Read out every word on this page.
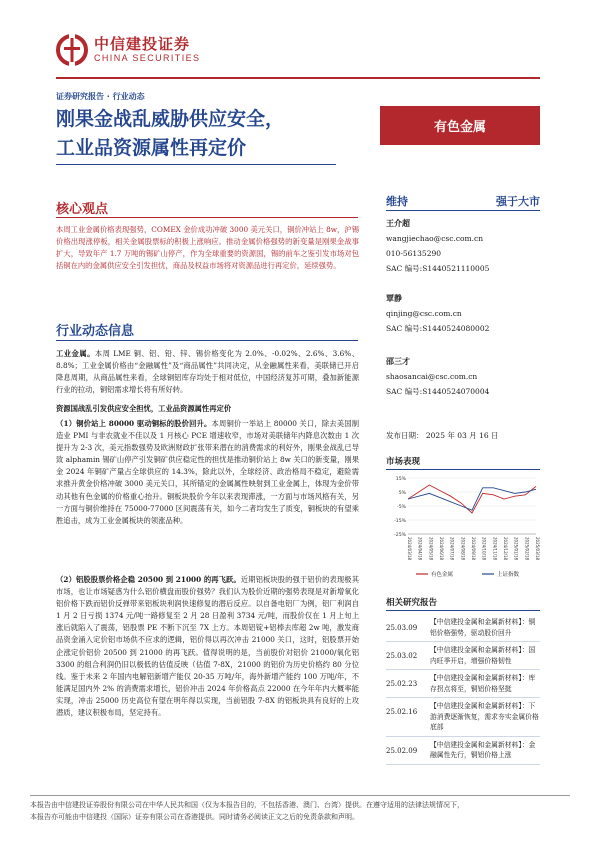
中信建投证券
CHINA SECURITIES
证券研究报告 · 行业动态
刚果金战乱威胁供应安全，
工业品资源属性再定价
有色金属
核心观点
本周工业金属价格表现强势，COMEX 金价成功冲破 3000 美元关口，铜价冲站上 8w，沪锡价格出现涨停板，相关金属股票标的积极上涨响应。推动金属价格强势的新变量是刚果金战事扩大，导致年产 1.7 万吨的锡矿山停产，作为全球重要的资源国，锡的前车之鉴引发市场对包括铜在内的金属供应安全引发担忧，商品及权益市场将对资源品进行再定价，延续强势。
行业动态信息
工业金属。本周 LME 铜、铝、铅、锌、锡价格变化为 2.0%、-0.02%、2.6%、3.6%、8.8%；工业金属价格由“金融属性”及“商品属性”共同决定，从金融属性来看，美联储已开启降息周期，从商品属性来看，全球铜铝库存均处于相对低位，中国经济复苏可期，叠加新能源行业的拉动，铜铝需求增长将有所好转。
资源国战乱引发供应安全担忧，工业品资源属性再定价
（1）铜价站上 80000 驱动铜标的股价回升。本周铜价一举站上 80000 关口，除去美国制造业 PMI 与非农就业不佳以及 1 月核心 PCE 增速收窄，市场对美联储年内降息次数由 1 次提升为 2-3 次，美元指数强势及欧洲财政扩张带来潜在的消费需求的利好外，刚果金战乱已导致 alphamin 锡矿山停产引发铜矿供应稳定性的担忧是推动铜价站上 8w 关口的新变量，刚果金 2024 年铜矿产量占全球供应的 14.3%，除此以外，全球经济、政治格局不稳定，避险需求推升黄金价格冲破 3000 美元关口，其所锚定的金属属性映射到工业金属上，体现为金价带动其他有色金属的价格重心抬升。铜板块股价今年以来表现滞涨，一方面与市场风格有关，另一方面与铜价维持在 75000-77000 区间震荡有关，如今二者均发生了质变，铜板块的有望乘胜追击，成为工业金属板块的领涨品种。
（2）铝股股票价格企稳 20500 到 21000 的再飞跃。近期铝板块股的强于铝价的表现极其市场，也让市场疑惑为什么铝价横盘而股价强势？我们认为股价近期的强势表现是对新增氧化铝价格下跌而铝价反弹带来铝板块利润快速修复的潜后反应。以自备电铝厂为例，铝厂利润自 1 月 2 日亏损 1374 元/吨一路修复至 2 月 28 日盈利 3734 元/吨，而股价仅在 1 月上旬上涨后就陷入了震荡，铝股票 PE 不断下沉至 7X 上方。本周铝锭+铝棒去库超 2w 吨，激发商品资金涌入定价铝市场供不应求的逻辑，铝价得以再次冲击 21000 关口，这时，铝股票开始企涨定价铝价 20500 到 21000 的再飞跃。值得说明的是，当前股价对铝价 21000/氧化铝 3300 的组合利润仍旧以极低的估值反映（估值 7-8X，21000 的铝价为历史价格约 80 分位线。鉴于未来 2 年国内电解铝新增产能仅 20-35 万吨/年，海外新增产能约 100 万吨/年，不能满足国内外 2% 的消费需求增长，铝价冲击 2024 年价格高点 22000 在今年年内大概率能实现，冲击 25000 历史高位有望在明年得以实现，当前铝股 7-8X 的铝板块具有良好的上攻潜质，建议积极布局，坚定持有。
维持	强于大市
王介超
wangjiechao@csc.com.cn
010-56135290
SAC 编号:S1440521110005
覃静
qinjing@csc.com.cn
SAC 编号:S1440524080002
邵三才
shaosancai@csc.com.cn
SAC 编号:S1440524070004
发布日期： 2025 年 03 月 16 日
市场表现
15%
5%
-5%
-15%
-25%
2024/03/18 2024/04/18 2024/05/18 2024/06/18 2024/07/18 2024/08/18 2024/09/18 2024/10/18 2024/11/18 2024/12/18 2025/01/18 2025/02/18 2025/03/18
有色金属	上证指数
相关研究报告
25.03.09
【中信建投金属和金属新材料】：铜铝价格强势，驱动股价回升
25.03.02
【中信建投金属和金属新材料】：国内旺季开启，增强价格韧性
25.02.23
【中信建投金属和金属新材料】：库存拐点将至，铜铝价格坚挺
25.02.16
【中信建投金属和金属新材料】：下游消费逐渐恢复，需求夯实金属价格底部
25.02.09
【中信建投金属和金属新材料】：金融属性先行，铜铝价格上涨
本报告由中信建投证券股份有限公司在中华人民共和国（仅为本报告目的，不包括香港、澳门、台湾）提供。在遵守适用的法律法规情况下，
本报告亦可能由中信建投（国际）证券有限公司在香港提供。同时请务必阅读正文之后的免责条款和声明。
